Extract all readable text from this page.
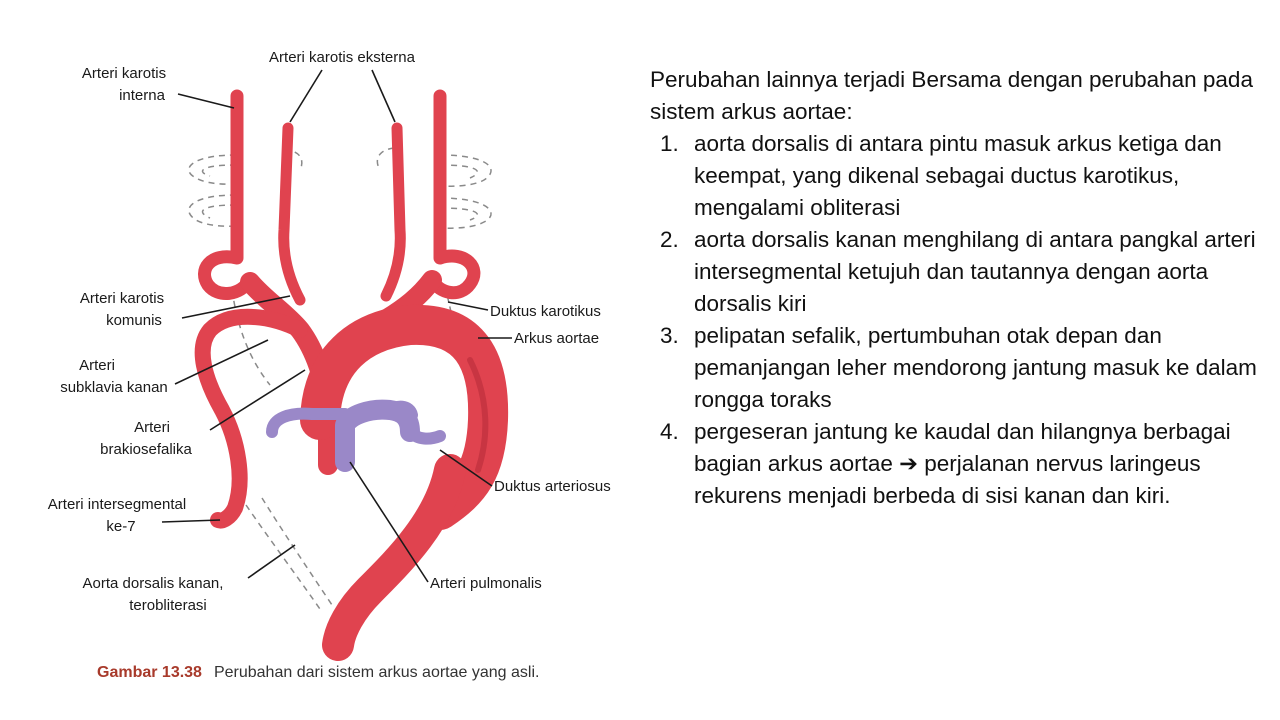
Arteri karotis eksterna
Arteri karotis
interna
Arteri karotis
komunis
Arteri
subklavia kanan
Arteri
brakiosefalika
Arteri intersegmental
ke-7
Aorta dorsalis kanan,
terobliterasi
Duktus karotikus
Arkus aortae
Duktus arteriosus
Arteri pulmonalis
Gambar 13.38 Perubahan dari sistem arkus aortae yang asli.

Perubahan lainnya terjadi Bersama dengan perubahan pada sistem arkus aortae:

1. aorta dorsalis di antara pintu masuk arkus ketiga dan keempat, yang dikenal sebagai ductus karotikus, mengalami obliterasi
2. aorta dorsalis kanan menghilang di antara pangkal arteri intersegmental ketujuh dan tautannya dengan aorta dorsalis kiri
3. pelipatan sefalik, pertumbuhan otak depan dan pemanjangan leher mendorong jantung masuk ke dalam rongga toraks
4. pergeseran jantung ke kaudal dan hilangnya berbagai bagian arkus aortae ➔ perjalanan nervus laringeus rekurens menjadi berbeda di sisi kanan dan kiri.
